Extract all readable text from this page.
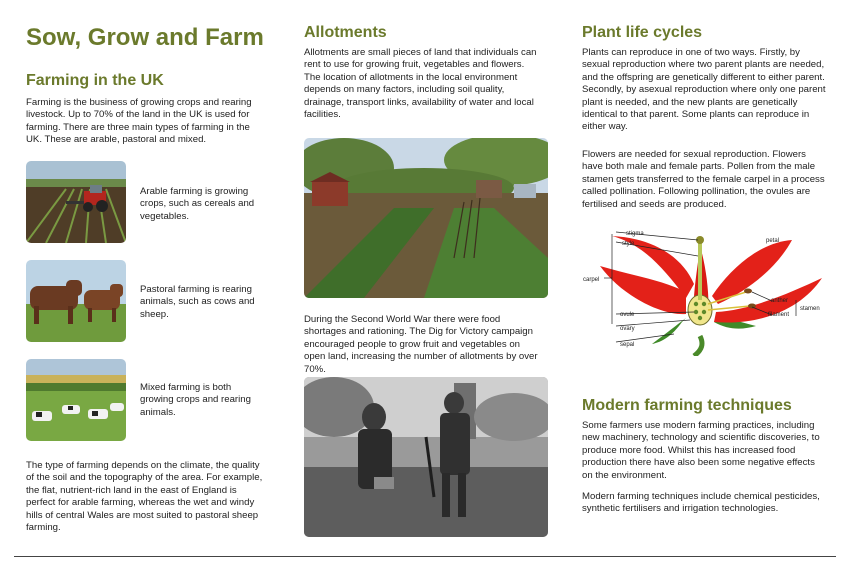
Sow, Grow and Farm
Farming in the UK
Farming is the business of growing crops and rearing livestock. Up to 70% of the land in the UK is used for farming. There are three main types of farming in the UK. These are arable, pastoral and mixed.
Arable farming is growing crops, such as cereals and vegetables.
Pastoral farming is rearing animals, such as cows and sheep.
Mixed farming is both growing crops and rearing animals.
The type of farming depends on the climate, the quality of the soil and the topography of the area. For example, the flat, nutrient-rich land in the east of England is perfect for arable farming, whereas the wet and windy hills of central Wales are most suited to pastoral sheep farming.
Allotments
Allotments are small pieces of land that individuals can rent to use for growing fruit, vegetables and flowers. The location of allotments in the local environment depends on many factors, including soil quality, drainage, transport links, availability of water and local facilities.
During the Second World War there were food shortages and rationing. The Dig for Victory campaign encouraged people to grow fruit and vegetables on open land, increasing the number of allotments by over 70%.
Plant life cycles
Plants can reproduce in one of two ways. Firstly, by sexual reproduction where two parent plants are needed, and the offspring are genetically different to either parent. Secondly, by asexual reproduction where only one parent plant is needed, and the new plants are genetically identical to that parent. Some plants can reproduce in either way.
Flowers are needed for sexual reproduction. Flowers have both male and female parts. Pollen from the male stamen gets transferred to the female carpel in a process called pollination. Following pollination, the ovules are fertilised and seeds are produced.
stigma
style
carpel
ovule
ovary
sepal
petal
anther
filament
stamen
Modern farming techniques
Some farmers use modern farming practices, including new machinery, technology and scientific discoveries, to produce more food. Whilst this has increased food production there have also been some negative effects on the environment.
Modern farming techniques include chemical pesticides, synthetic fertilisers and irrigation technologies.
